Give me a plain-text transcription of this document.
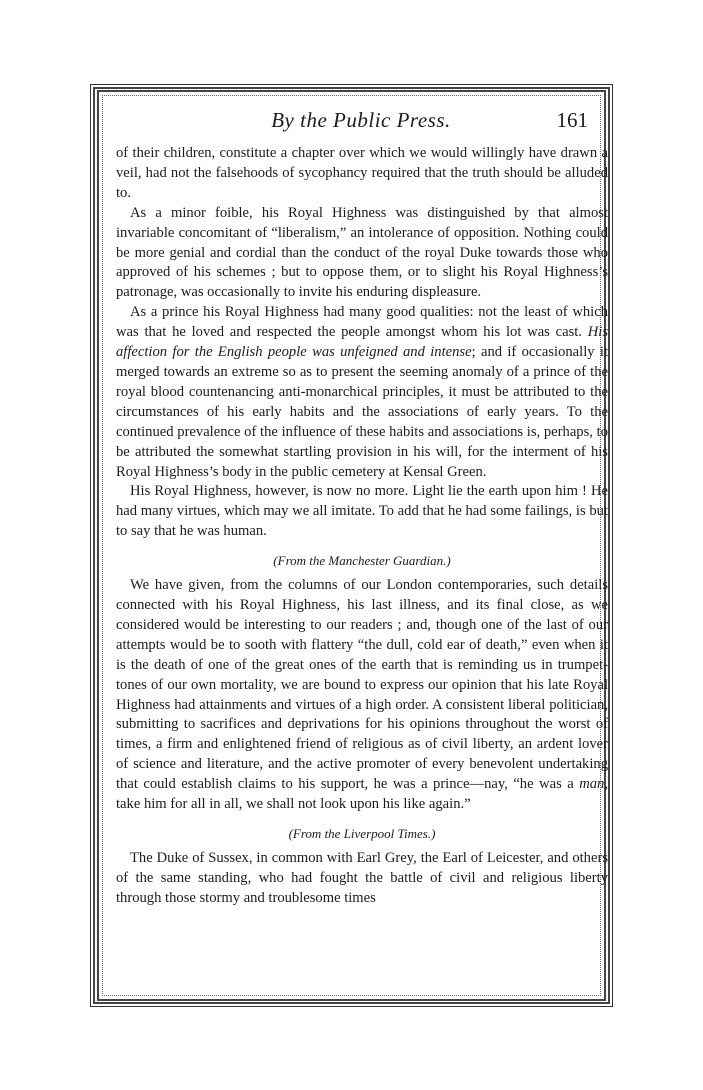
By the Public Press.	161

of their children, constitute a chapter over which we would willingly have drawn a veil, had not the falsehoods of sycophancy required that the truth should be alluded to.

As a minor foible, his Royal Highness was distinguished by that almost invariable concomitant of “liberalism,” an intolerance of opposition. Nothing could be more genial and cordial than the conduct of the royal Duke towards those who approved of his schemes ; but to oppose them, or to slight his Royal Highness’s patronage, was occasionally to invite his enduring displeasure.

As a prince his Royal Highness had many good qualities: not the least of which was that he loved and respected the people amongst whom his lot was cast. His affection for the English people was unfeigned and intense; and if occasionally it merged towards an extreme so as to present the seeming anomaly of a prince of the royal blood countenancing anti-monarchical principles, it must be attributed to the circumstances of his early habits and the associations of early years. To the continued prevalence of the influence of these habits and associations is, perhaps, to be attributed the somewhat startling provision in his will, for the interment of his Royal Highness’s body in the public cemetery at Kensal Green.

His Royal Highness, however, is now no more. Light lie the earth upon him ! He had many virtues, which may we all imitate. To add that he had some failings, is but to say that he was human.

(From the Manchester Guardian.)

We have given, from the columns of our London contemporaries, such details connected with his Royal Highness, his last illness, and its final close, as we considered would be interesting to our readers ; and, though one of the last of our attempts would be to sooth with flattery “the dull, cold ear of death,” even when it is the death of one of the great ones of the earth that is reminding us in trumpet-tones of our own mortality, we are bound to express our opinion that his late Royal Highness had attainments and virtues of a high order. A consistent liberal politician, submitting to sacrifices and deprivations for his opinions throughout the worst of times, a firm and enlightened friend of religious as of civil liberty, an ardent lover of science and literature, and the active promoter of every benevolent undertaking that could establish claims to his support, he was a prince—nay, “he was a man, take him for all in all, we shall not look upon his like again.”

(From the Liverpool Times.)

The Duke of Sussex, in common with Earl Grey, the Earl of Leicester, and others of the same standing, who had fought the battle of civil and religious liberty through those stormy and troublesome times
